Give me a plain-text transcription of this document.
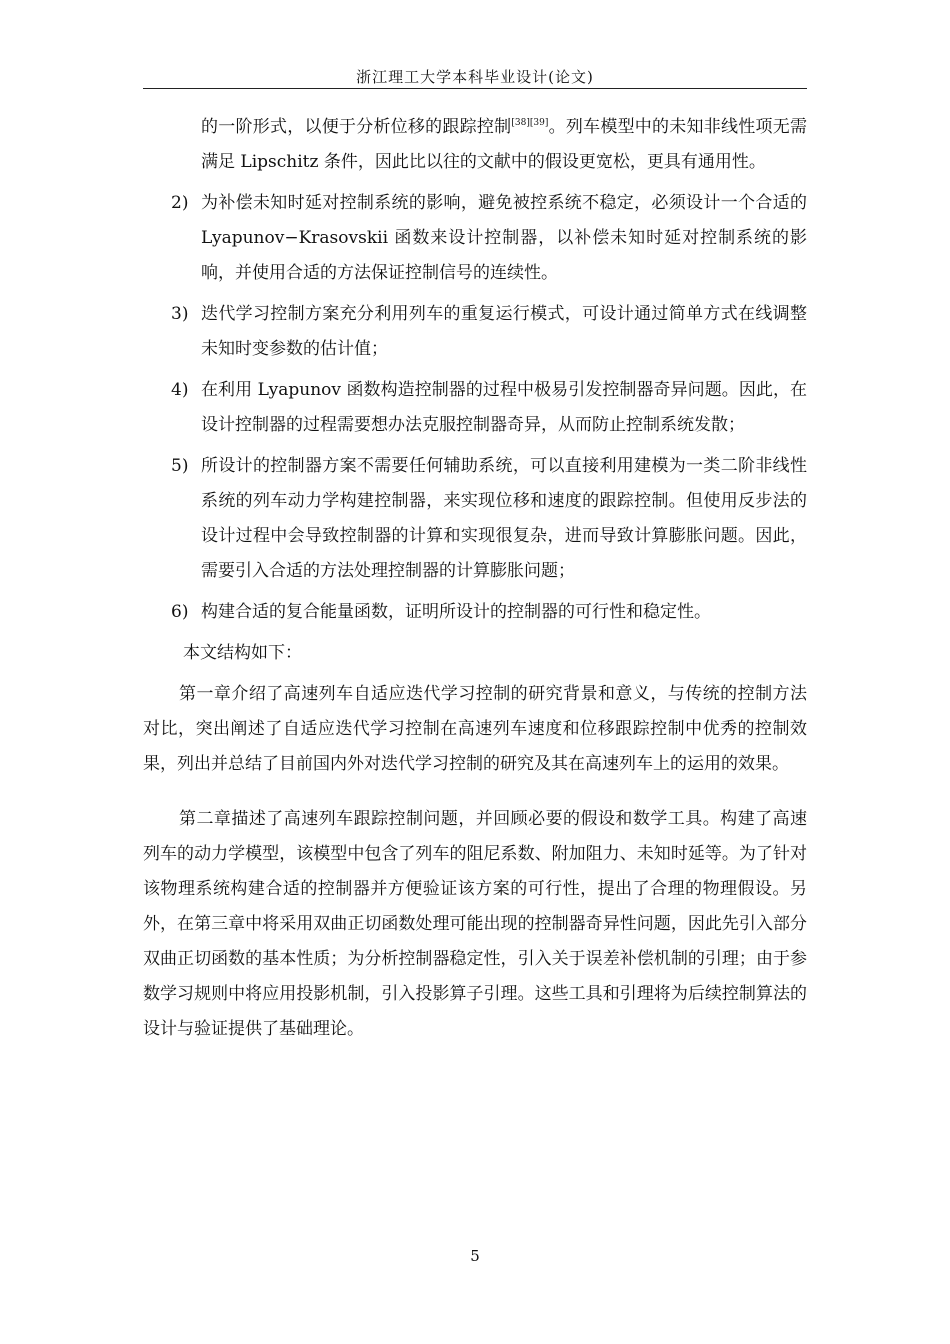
浙江理工大学本科毕业设计(论文)

的一阶形式，以便于分析位移的跟踪控制[38][39]。列车模型中的未知非线性项无需满足 Lipschitz 条件，因此比以往的文献中的假设更宽松，更具有通用性。

2) 为补偿未知时延对控制系统的影响，避免被控系统不稳定，必须设计一个合适的 Lyapunov−Krasovskii 函数来设计控制器，以补偿未知时延对控制系统的影响，并使用合适的方法保证控制信号的连续性。
3) 迭代学习控制方案充分利用列车的重复运行模式，可设计通过简单方式在线调整未知时变参数的估计值；
4) 在利用 Lyapunov 函数构造控制器的过程中极易引发控制器奇异问题。因此，在设计控制器的过程需要想办法克服控制器奇异，从而防止控制系统发散；
5) 所设计的控制器方案不需要任何辅助系统，可以直接利用建模为一类二阶非线性系统的列车动力学构建控制器，来实现位移和速度的跟踪控制。但使用反步法的设计过程中会导致控制器的计算和实现很复杂，进而导致计算膨胀问题。因此，需要引入合适的方法处理控制器的计算膨胀问题；
6) 构建合适的复合能量函数，证明所设计的控制器的可行性和稳定性。

本文结构如下：

第一章介绍了高速列车自适应迭代学习控制的研究背景和意义，与传统的控制方法对比，突出阐述了自适应迭代学习控制在高速列车速度和位移跟踪控制中优秀的控制效果，列出并总结了目前国内外对迭代学习控制的研究及其在高速列车上的运用的效果。

第二章描述了高速列车跟踪控制问题，并回顾必要的假设和数学工具。构建了高速列车的动力学模型，该模型中包含了列车的阻尼系数、附加阻力、未知时延等。为了针对该物理系统构建合适的控制器并方便验证该方案的可行性，提出了合理的物理假设。另外，在第三章中将采用双曲正切函数处理可能出现的控制器奇异性问题，因此先引入部分双曲正切函数的基本性质；为分析控制器稳定性，引入关于误差补偿机制的引理；由于参数学习规则中将应用投影机制，引入投影算子引理。这些工具和引理将为后续控制算法的设计与验证提供了基础理论。

5
